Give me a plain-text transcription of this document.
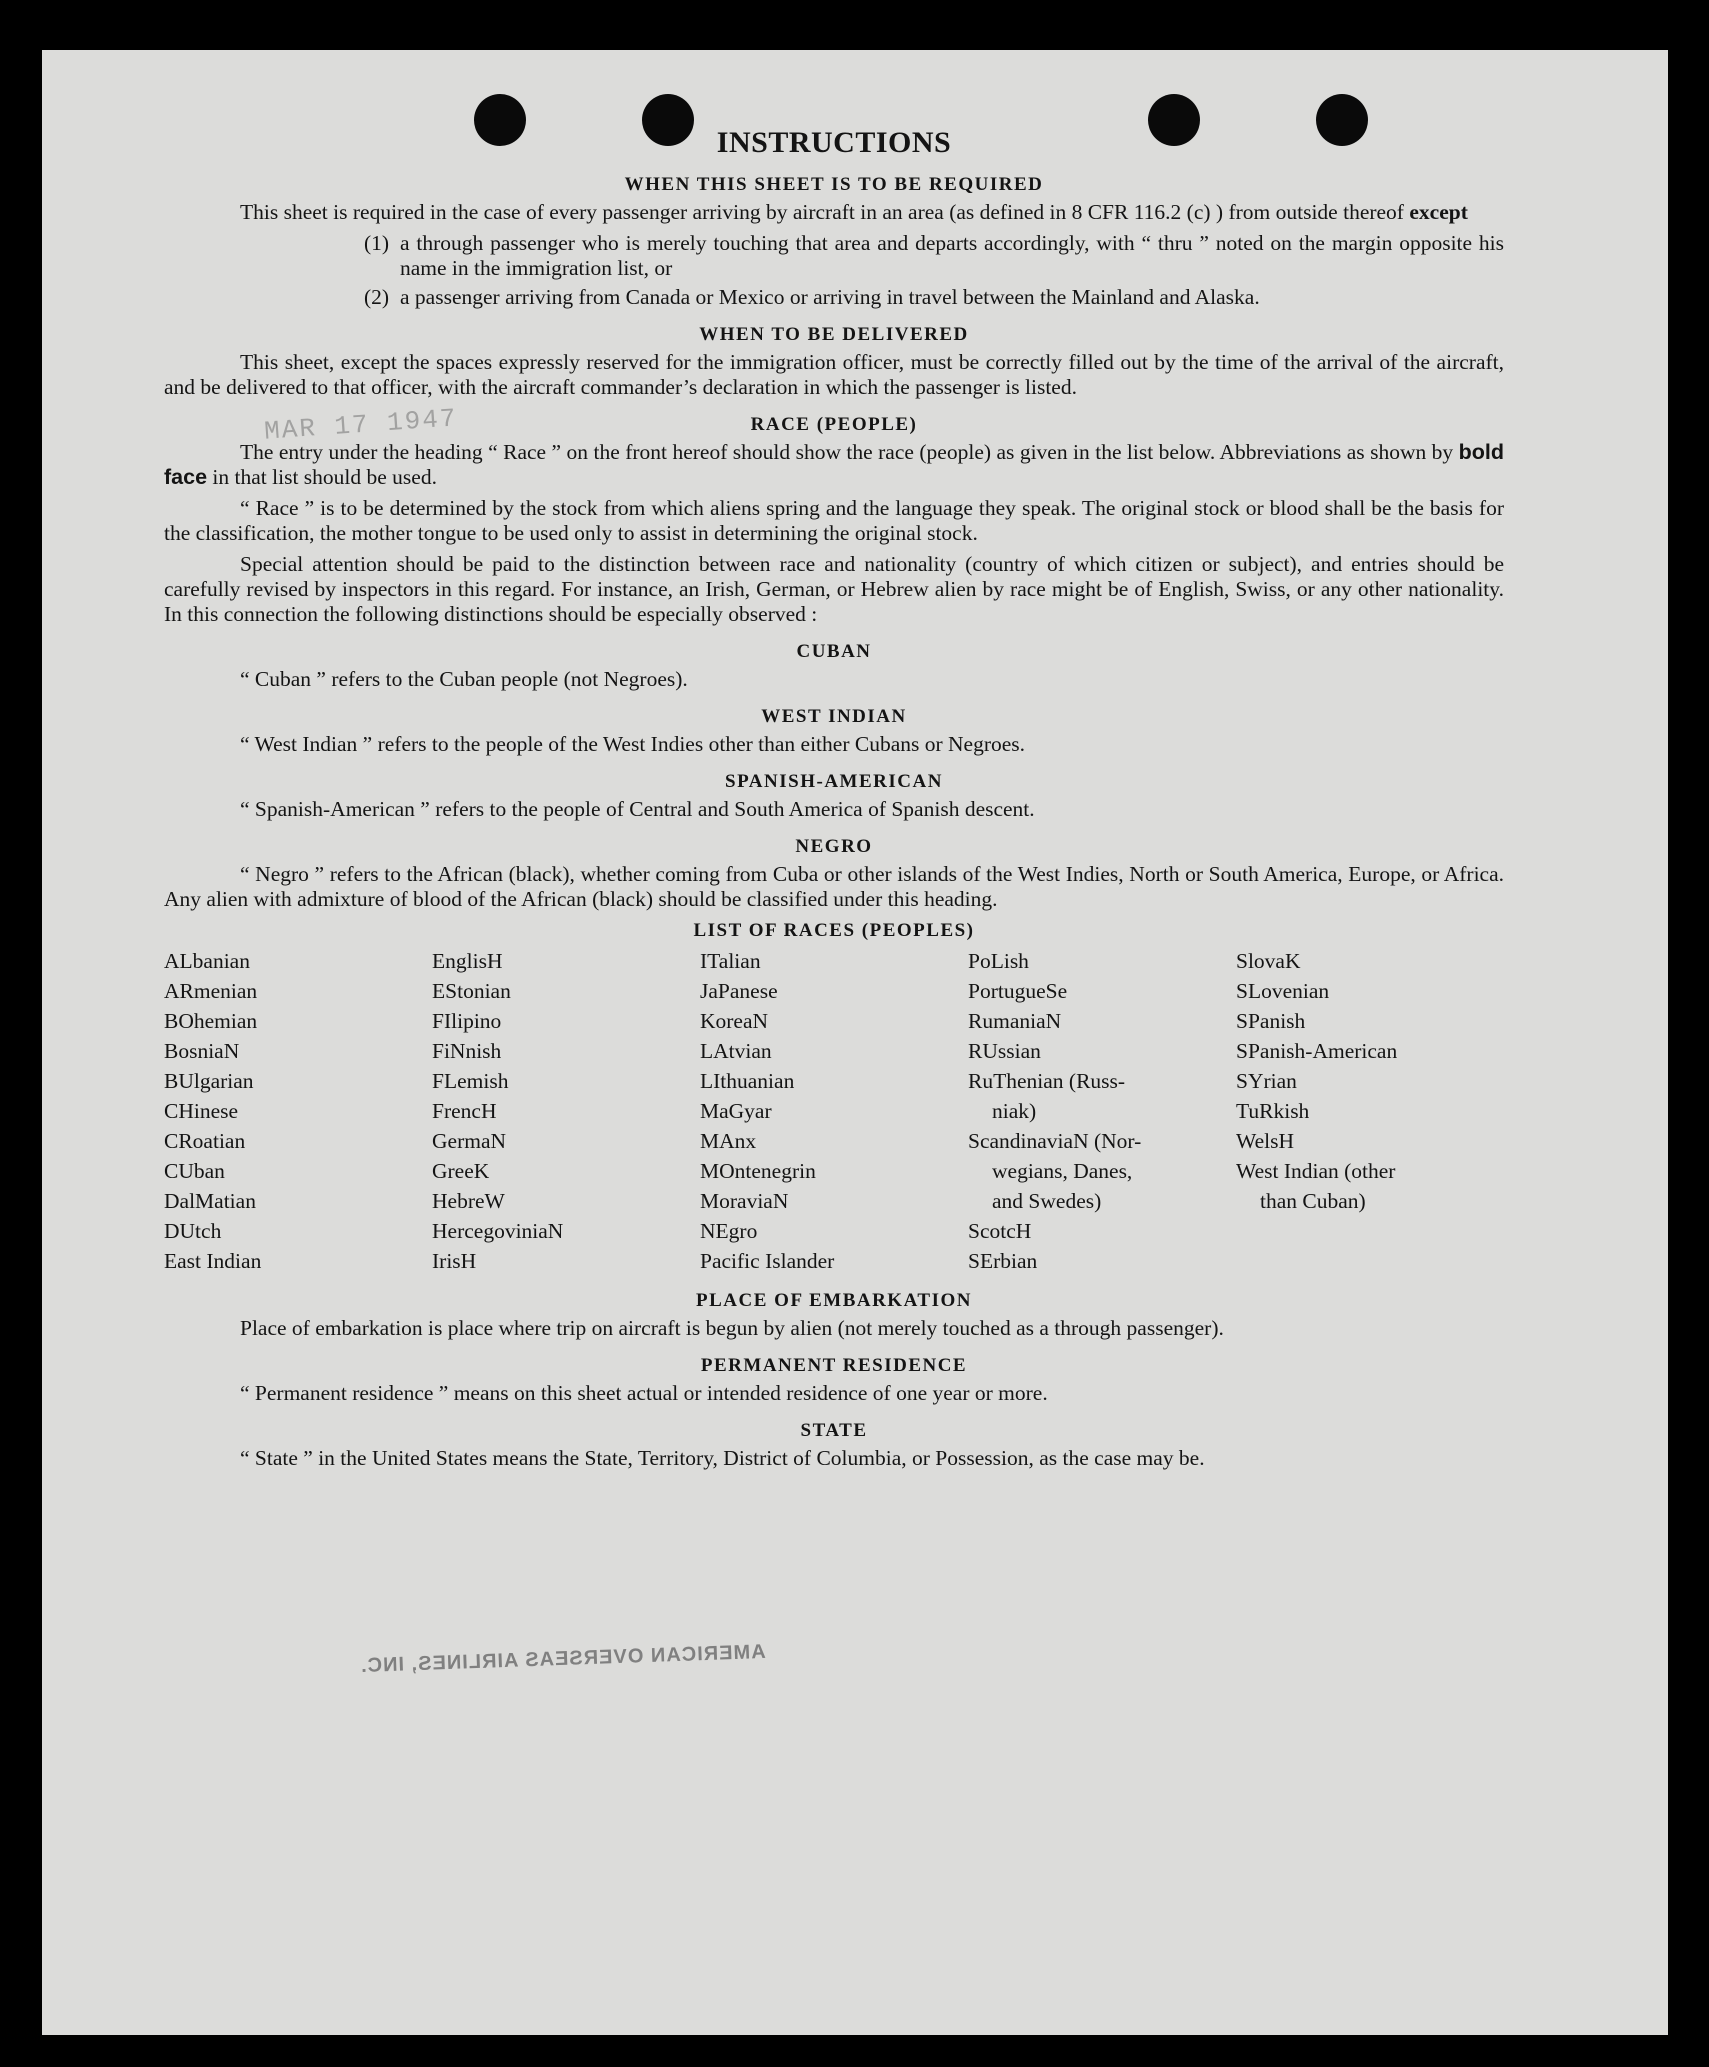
MAR 17 1947
AMERICAN OVERSEAS AIRLINES, INC.
INSTRUCTIONS
WHEN THIS SHEET IS TO BE REQUIRED

This sheet is required in the case of every passenger arriving by aircraft in an area (as defined in 8 CFR 116.2 (c) ) from outside thereof except

(1) a through passenger who is merely touching that area and departs accordingly, with “ thru ” noted on the margin opposite his name in the immigration list, or
(2) a passenger arriving from Canada or Mexico or arriving in travel between the Mainland and Alaska.
WHEN TO BE DELIVERED

This sheet, except the spaces expressly reserved for the immigration officer, must be correctly filled out by the time of the arrival of the aircraft, and be delivered to that officer, with the aircraft commander’s declaration in which the passenger is listed.

RACE (PEOPLE)

The entry under the heading “ Race ” on the front hereof should show the race (people) as given in the list below. Abbreviations as shown by bold face in that list should be used.

“ Race ” is to be determined by the stock from which aliens spring and the language they speak. The original stock or blood shall be the basis for the classification, the mother tongue to be used only to assist in determining the original stock.

Special attention should be paid to the distinction between race and nationality (country of which citizen or subject), and entries should be carefully revised by inspectors in this regard. For instance, an Irish, German, or Hebrew alien by race might be of English, Swiss, or any other nationality. In this connection the following distinctions should be especially observed :

CUBAN

“ Cuban ” refers to the Cuban people (not Negroes).

WEST INDIAN

“ West Indian ” refers to the people of the West Indies other than either Cubans or Negroes.

SPANISH-AMERICAN

“ Spanish-American ” refers to the people of Central and South America of Spanish descent.

NEGRO

“ Negro ” refers to the African (black), whether coming from Cuba or other islands of the West Indies, North or South America, Europe, or Africa. Any alien with admixture of blood of the African (black) should be classified under this heading.

LIST OF RACES (PEOPLES)
ALbanian
ARmenian
BOhemian
BosniaN
BUlgarian
CHinese
CRoatian
CUban
DalMatian
DUtch
East Indian
EnglisH
EStonian
FIlipino
FiNnish
FLemish
FrencH
GermaN
GreeK
HebreW
HercegoviniaN
IrisH
ITalian
JaPanese
KoreaN
LAtvian
LIthuanian
MaGyar
MAnx
MOntenegrin
MoraviaN
NEgro
Pacific Islander
PoLish
PortugueSe
RumaniaN
RUssian
RuThenian (Russ-
niak)
ScandinaviaN (Nor-
wegians, Danes,
and Swedes)
ScotcH
SErbian
SlovaK
SLovenian
SPanish
SPanish-American
SYrian
TuRkish
WelsH
West Indian (other
than Cuban)
PLACE OF EMBARKATION

Place of embarkation is place where trip on aircraft is begun by alien (not merely touched as a through passenger).

PERMANENT RESIDENCE

“ Permanent residence ” means on this sheet actual or intended residence of one year or more.

STATE

“ State ” in the United States means the State, Territory, District of Columbia, or Possession, as the case may be.
